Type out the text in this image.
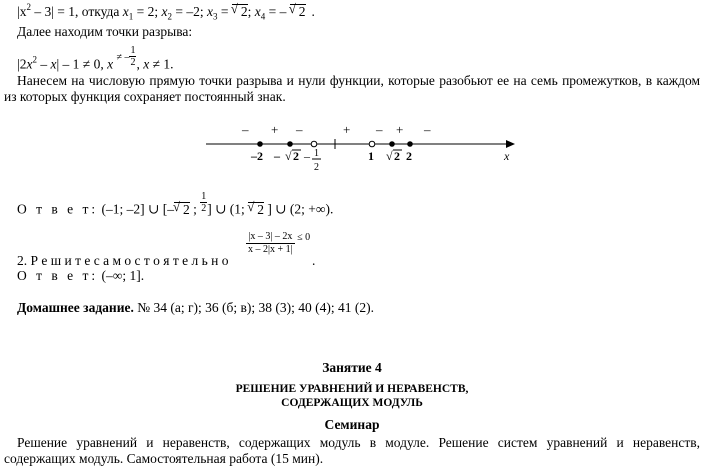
$|x^2 - 3| = 1$, откуда $x_1 = 2$; $x_2 = -2$; $x_3$ = √ 2; $x_4$ = – √ 2 .
Далее находим точки разрыва:
$|2x^2 - x| - 1 \ne 0$, x $^{\ne -} \frac{1}{2}$ , x ≠ 1.
Нанесем на числовую прямую точки разрыва и нули функции, которые разобьют ее на семь промежутков, в каждом из которых функция сохраняет постоянный знак.
– + –	+ – + –
–2 – √ 2 – 1
2
1 √ 2 2	x
О т в е т: (–1; –2] ∪ [–√ 2 ; $\frac{1}{2}$ ] ∪ (1; √ 2 ] ∪ (2; +∞).
2. Р е ш и т е с а м о с т о я т е л ь н о
$\frac{|x - 3| - 2x}{x - 2|x + 1|} \le 0$
.
О т в е т: (–∞; 1].
Домашнее задание. № 34 (а; г); 36 (б; в); 38 (3); 40 (4); 41 (2).
Занятие 4
РЕШЕНИЕ УРАВНЕНИЙ И НЕРАВЕНСТВ,
СОДЕРЖАЩИХ МОДУЛЬ
Семинар
Решение уравнений и неравенств, содержащих модуль в модуле. Решение систем уравнений и неравенств, содержащих модуль. Самостоятельная работа (15 мин).
